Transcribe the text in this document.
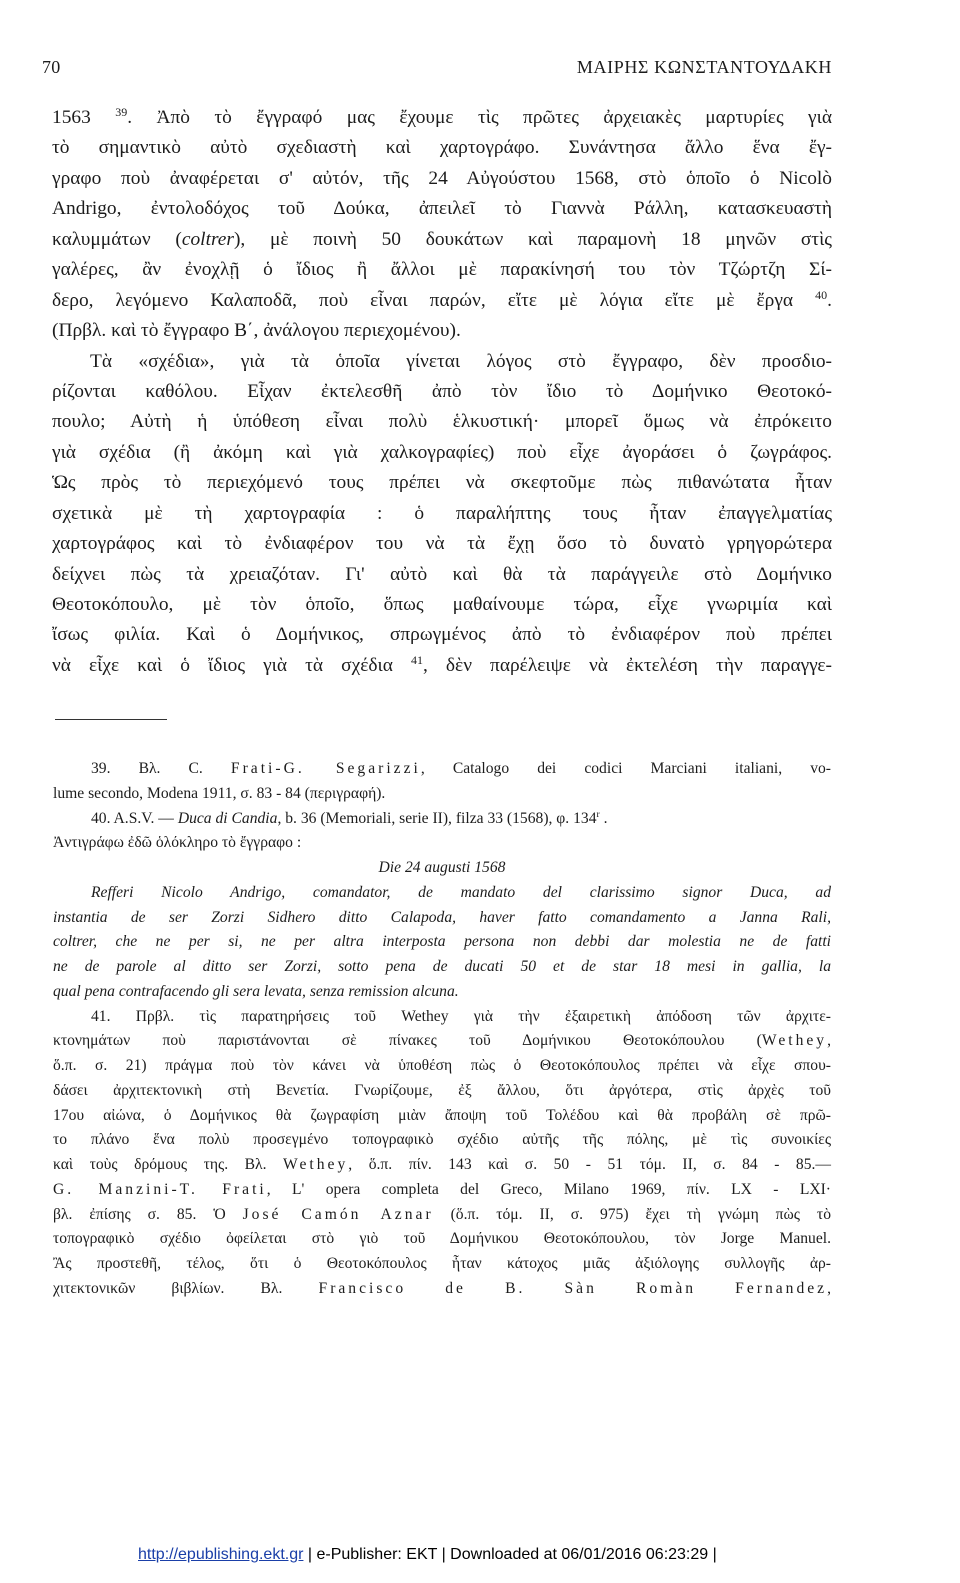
70	ΜΑΙΡΗΣ ΚΩΝΣΤΑΝΤΟΥΔΑΚΗ
1563 $^{39}$. Ἀπὸ τὸ ἔγγραφό μας ἔχουμε τὶς πρῶτες ἀρχειακὲς μαρτυρίες γιὰ
τὸ σημαντικὸ αὐτὸ σχεδιαστὴ καὶ χαρτογράφο. Συνάντησα ἄλλο ἕνα ἔγ-
γραφο ποὺ ἀναφέρεται σ' αὐτόν, τῆς 24 Αὐγούστου 1568, στὸ ὁποῖο ὁ Nicolò
Andrigo, ἐντολοδόχος τοῦ Δούκα, ἀπειλεῖ τὸ Γιαννὰ Ράλλη, κατασκευαστὴ
καλυμμάτων (coltrer), μὲ ποινὴ 50 δουκάτων καὶ παραμονὴ 18 μηνῶν στὶς
γαλέρες, ἂν ἐνοχλῇ ὁ ἴδιος ἢ ἄλλοι μὲ παρακίνησή του τὸν Τζώρτζη Σί-
δερο, λεγόμενο Καλαποδᾶ, ποὺ εἶναι παρών, εἴτε μὲ λόγια εἴτε μὲ ἔργα $^{40}$.
(Πρβλ. καὶ τὸ ἔγγραφο Β΄, ἀνάλογου περιεχομένου).
Τὰ «σχέδια», γιὰ τὰ ὁποῖα γίνεται λόγος στὸ ἔγγραφο, δὲν προσδιο-
ρίζονται καθόλου. Εἶχαν ἐκτελεσθῆ ἀπὸ τὸν ἴδιο τὸ Δομήνικο Θεοτοκό-
πουλο; Αὐτὴ ἡ ὑπόθεση εἶναι πολὺ ἑλκυστική· μπορεῖ ὅμως νὰ ἐπρόκειτο
γιὰ σχέδια (ἢ ἀκόμη καὶ γιὰ χαλκογραφίες) ποὺ εἶχε ἀγοράσει ὁ ζωγράφος.
Ὡς πρὸς τὸ περιεχόμενό τους πρέπει νὰ σκεφτοῦμε πὼς πιθανώτατα ἦταν
σχετικὰ μὲ τὴ χαρτογραφία : ὁ παραλήπτης τους ἦταν ἐπαγγελματίας
χαρτογράφος καὶ τὸ ἐνδιαφέρον του νὰ τὰ ἔχῃ ὅσο τὸ δυνατὸ γρηγορώτερα
δείχνει πὼς τὰ χρειαζόταν. Γι' αὐτὸ καὶ θὰ τὰ παράγγειλε στὸ Δομήνικο
Θεοτοκόπουλο, μὲ τὸν ὁποῖο, ὅπως μαθαίνουμε τώρα, εἶχε γνωριμία καὶ
ἴσως φιλία. Καὶ ὁ Δομήνικος, σπρωγμένος ἀπὸ τὸ ἐνδιαφέρον ποὺ πρέπει
νὰ εἶχε καὶ ὁ ἴδιος γιὰ τὰ σχέδια $^{41}$, δὲν παρέλειψε νὰ ἐκτελέση τὴν παραγγε-
39. Βλ. C. Frati-G. Segarizzi, Catalogo dei codici Marciani italiani, vo-
lume secondo, Modena 1911, σ. 83 - 84 (περιγραφή).
40. A.S.V. — Duca di Candia, b. 36 (Memoriali, serie II), filza 33 (1568), φ. 134$^r$ .
Ἀντιγράφω ἐδῶ ὁλόκληρο τὸ ἔγγραφο :
Die 24 augusti 1568
Refferi Nicolo Andrigo, comandator, de mandato del clarissimo signor Duca, ad
instantia de ser Zorzi Sidhero ditto Calapoda, haver fatto comandamento a Janna Rali,
coltrer, che ne per si, ne per altra interposta persona non debbi dar molestia ne de fatti
ne de parole al ditto ser Zorzi, sotto pena de ducati 50 et de star 18 mesi in gallia, la
qual pena contrafacendo gli sera levata, senza remission alcuna.
41. Πρβλ. τὶς παρατηρήσεις τοῦ Wethey γιὰ τὴν ἐξαιρετικὴ ἀπόδοση τῶν ἀρχιτε-
κτονημάτων ποὺ παριστάνονται σὲ πίνακες τοῦ Δομήνικου Θεοτοκόπουλου (Wethey,
ὅ.π. σ. 21) πράγμα ποὺ τὸν κάνει νὰ ὑποθέση πὼς ὁ Θεοτοκόπουλος πρέπει νὰ εἶχε σπου-
δάσει ἀρχιτεκτονικὴ στὴ Βενετία. Γνωρίζουμε, ἐξ ἄλλου, ὅτι ἀργότερα, στὶς ἀρχὲς τοῦ
17ου αἰώνα, ὁ Δομήνικος θὰ ζωγραφίση μιὰν ἄποψη τοῦ Τολέδου καὶ θὰ προβάλη σὲ πρῶ-
το πλάνο ἕνα πολὺ προσεγμένο τοπογραφικὸ σχέδιο αὐτῆς τῆς πόλης, μὲ τὶς συνοικίες
καὶ τοὺς δρόμους της. Βλ. Wethey, ὅ.π. πίν. 143 καὶ σ. 50 - 51 τόμ. II, σ. 84 - 85.—
G. Manzini-T. Frati, L' opera completa del Greco, Milano 1969, πίν. LX - LXI·
βλ. ἐπίσης σ. 85. Ὁ José Camón Aznar (ὅ.π. τόμ. II, σ. 975) ἔχει τὴ γνώμη πὼς τὸ
τοπογραφικὸ σχέδιο ὀφείλεται στὸ γιὸ τοῦ Δομήνικου Θεοτοκόπουλου, τὸν Jorge Manuel.
Ἂς προστεθῆ, τέλος, ὅτι ὁ Θεοτοκόπουλος ἦταν κάτοχος μιᾶς ἀξιόλογης συλλογῆς ἀρ-
χιτεκτονικῶν βιβλίων. Βλ. Francisco de B. Sàn Romàn Fernandez,
http://epublishing.ekt.gr | e-Publisher: EKT | Downloaded at 06/01/2016 06:23:29 |
